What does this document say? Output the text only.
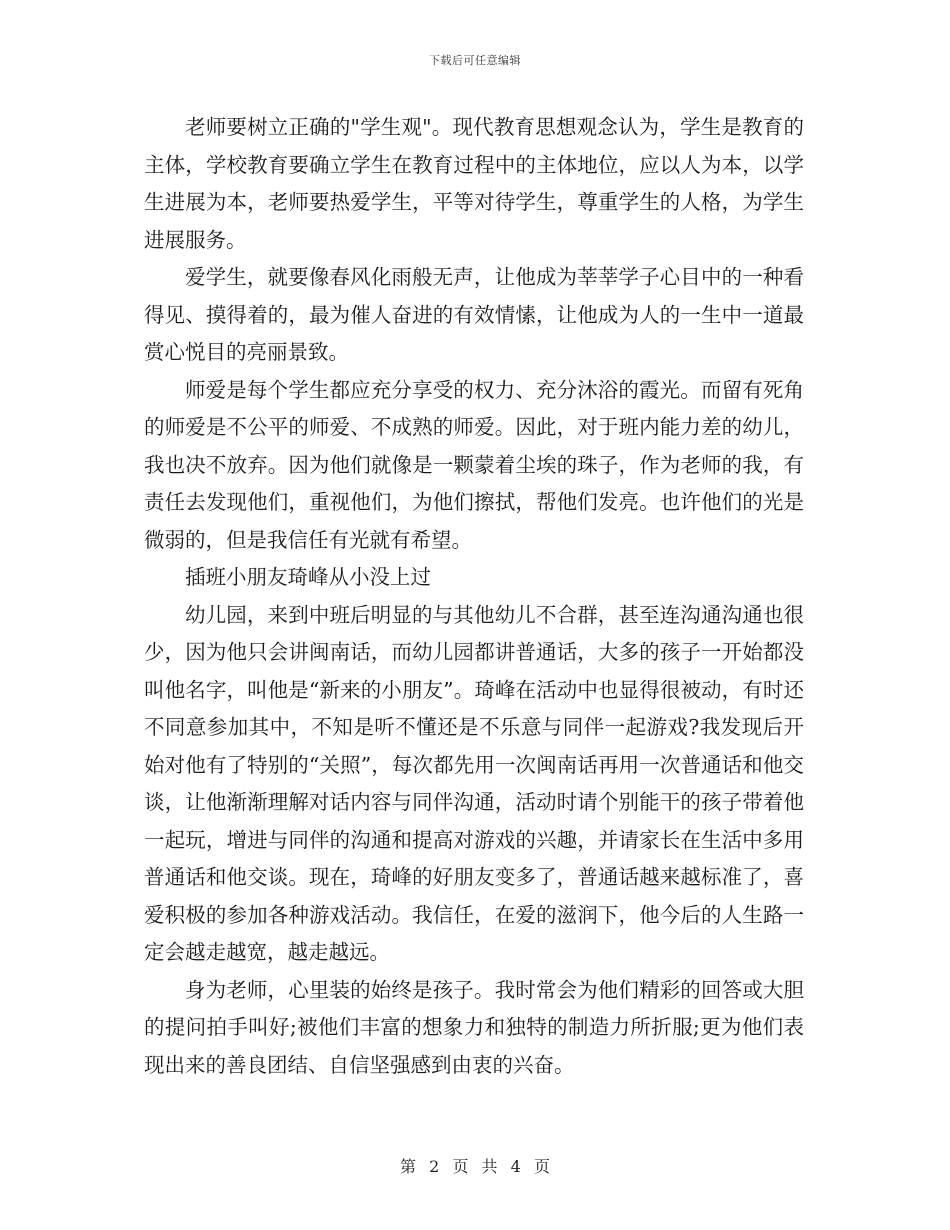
下载后可任意编辑

老师要树立正确的"学生观"。现代教育思想观念认为，学生是教育的主体，学校教育要确立学生在教育过程中的主体地位，应以人为本，以学生进展为本，老师要热爱学生，平等对待学生，尊重学生的人格，为学生进展服务。

爱学生，就要像春风化雨般无声，让他成为莘莘学子心目中的一种看得见、摸得着的，最为催人奋进的有效情愫，让他成为人的一生中一道最赏心悦目的亮丽景致。

师爱是每个学生都应充分享受的权力、充分沐浴的霞光。而留有死角的师爱是不公平的师爱、不成熟的师爱。因此，对于班内能力差的幼儿，我也决不放弃。因为他们就像是一颗蒙着尘埃的珠子，作为老师的我，有责任去发现他们，重视他们，为他们擦拭，帮他们发亮。也许他们的光是微弱的，但是我信任有光就有希望。

插班小朋友琦峰从小没上过

幼儿园，来到中班后明显的与其他幼儿不合群，甚至连沟通沟通也很少，因为他只会讲闽南话，而幼儿园都讲普通话，大多的孩子一开始都没叫他名字，叫他是“新来的小朋友”。琦峰在活动中也显得很被动，有时还不同意参加其中，不知是听不懂还是不乐意与同伴一起游戏?我发现后开始对他有了特别的“关照”，每次都先用一次闽南话再用一次普通话和他交谈，让他渐渐理解对话内容与同伴沟通，活动时请个别能干的孩子带着他一起玩，增进与同伴的沟通和提高对游戏的兴趣，并请家长在生活中多用普通话和他交谈。现在，琦峰的好朋友变多了，普通话越来越标准了，喜爱积极的参加各种游戏活动。我信任，在爱的滋润下，他今后的人生路一定会越走越宽，越走越远。

身为老师，心里装的始终是孩子。我时常会为他们精彩的回答或大胆的提问拍手叫好;被他们丰富的想象力和独特的制造力所折服;更为他们表现出来的善良团结、自信坚强感到由衷的兴奋。

第 2 页 共 4 页
